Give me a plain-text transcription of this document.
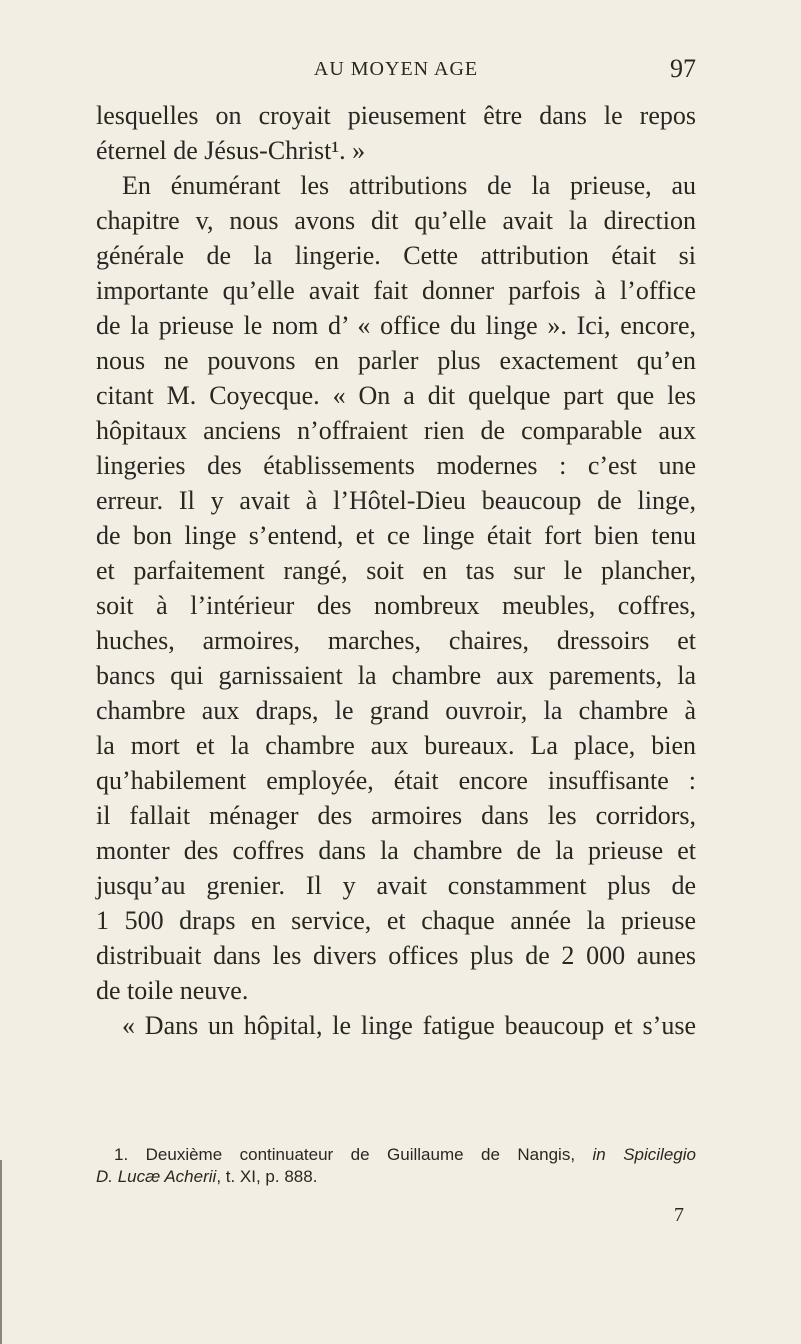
AU MOYEN AGE	97
lesquelles on croyait pieusement être dans le repos
éternel de Jésus-Christ¹. »
En énumérant les attributions de la prieuse, au
chapitre v, nous avons dit qu’elle avait la direction
générale de la lingerie. Cette attribution était si
importante qu’elle avait fait donner parfois à l’office
de la prieuse le nom d’ « office du linge ». Ici, encore,
nous ne pouvons en parler plus exactement qu’en
citant M. Coyecque. « On a dit quelque part que les
hôpitaux anciens n’offraient rien de comparable aux
lingeries des établissements modernes : c’est une
erreur. Il y avait à l’Hôtel-Dieu beaucoup de linge,
de bon linge s’entend, et ce linge était fort bien tenu
et parfaitement rangé, soit en tas sur le plancher,
soit à l’intérieur des nombreux meubles, coffres,
huches, armoires, marches, chaires, dressoirs et
bancs qui garnissaient la chambre aux parements, la
chambre aux draps, le grand ouvroir, la chambre à
la mort et la chambre aux bureaux. La place, bien
qu’habilement employée, était encore insuffisante :
il fallait ménager des armoires dans les corridors,
monter des coffres dans la chambre de la prieuse et
jusqu’au grenier. Il y avait constamment plus de
1 500 draps en service, et chaque année la prieuse
distribuait dans les divers offices plus de 2 000 aunes
de toile neuve.
« Dans un hôpital, le linge fatigue beaucoup et s’use
1. Deuxième continuateur de Guillaume de Nangis, in Spicilegio
D. Lucæ Acherii, t. XI, p. 888.
7
